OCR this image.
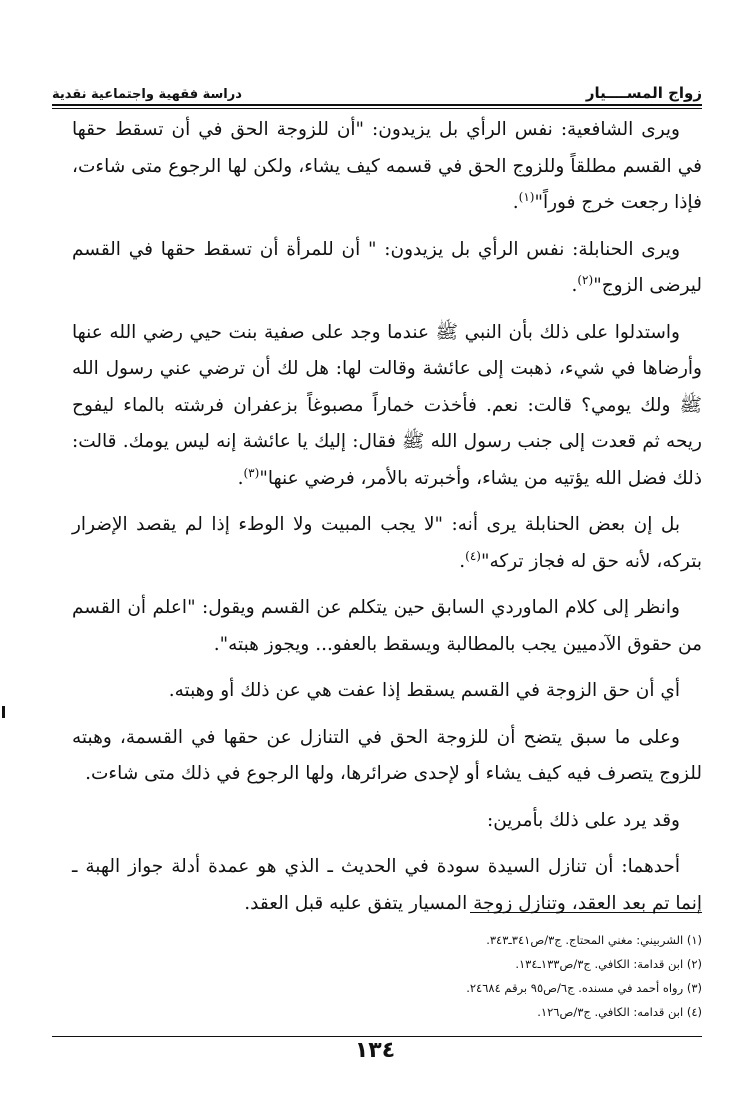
زواج المســــيار
دراسة فقهية واجتماعية نقدية

ويرى الشافعية: نفس الرأي بل يزيدون: "أن للزوجة الحق في أن تسقط حقها في القسم مطلقاً وللزوج الحق في قسمه كيف يشاء، ولكن لها الرجوع متى شاءت، فإذا رجعت خرج فوراً"$^{(١)}$.

ويرى الحنابلة: نفس الرأي بل يزيدون: " أن للمرأة أن تسقط حقها في القسم ليرضى الزوج"$^{(٢)}$.

واستدلوا على ذلك بأن النبي ﷺ عندما وجد على صفية بنت حيي رضي الله عنها وأرضاها في شيء، ذهبت إلى عائشة وقالت لها: هل لك أن ترضي عني رسول الله ﷺ ولك يومي؟ قالت: نعم. فأخذت خماراً مصبوغاً بزعفران فرشته بالماء ليفوح ريحه ثم قعدت إلى جنب رسول الله ﷺ فقال: إليك يا عائشة إنه ليس يومك. قالت: ذلك فضل الله يؤتيه من يشاء، وأخبرته بالأمر، فرضي عنها"$^{(٣)}$.

بل إن بعض الحنابلة يرى أنه: "لا يجب المبيت ولا الوطء إذا لم يقصد الإضرار بتركه، لأنه حق له فجاز تركه"$^{(٤)}$.

وانظر إلى كلام الماوردي السابق حين يتكلم عن القسم ويقول: "اعلم أن القسم من حقوق الآدميين يجب بالمطالبة ويسقط بالعفو... ويجوز هبته".

أي أن حق الزوجة في القسم يسقط إذا عفت هي عن ذلك أو وهبته.

وعلى ما سبق يتضح أن للزوجة الحق في التنازل عن حقها في القسمة، وهبته للزوج يتصرف فيه كيف يشاء أو لإحدى ضرائرها، ولها الرجوع في ذلك متى شاءت.

وقد يرد على ذلك بأمرين:

أحدهما: أن تنازل السيدة سودة في الحديث ـ الذي هو عمدة أدلة جواز الهبة ـ إنما تم بعد العقد، وتنازل زوجة المسيار يتفق عليه قبل العقد.

(١) الشربيني: مغني المحتاج. ج٣/ص٣٤١ـ٣٤٣.
(٢) ابن قدامة: الكافي. ج٣/ص١٣٣ـ١٣٤.
(٣) رواه أحمد في مسنده. ج٦/ص٩٥ برقم ٢٤٦٨٤.
(٤) ابن قدامه: الكافي. ج٣/ص١٢٦.
١٣٤
